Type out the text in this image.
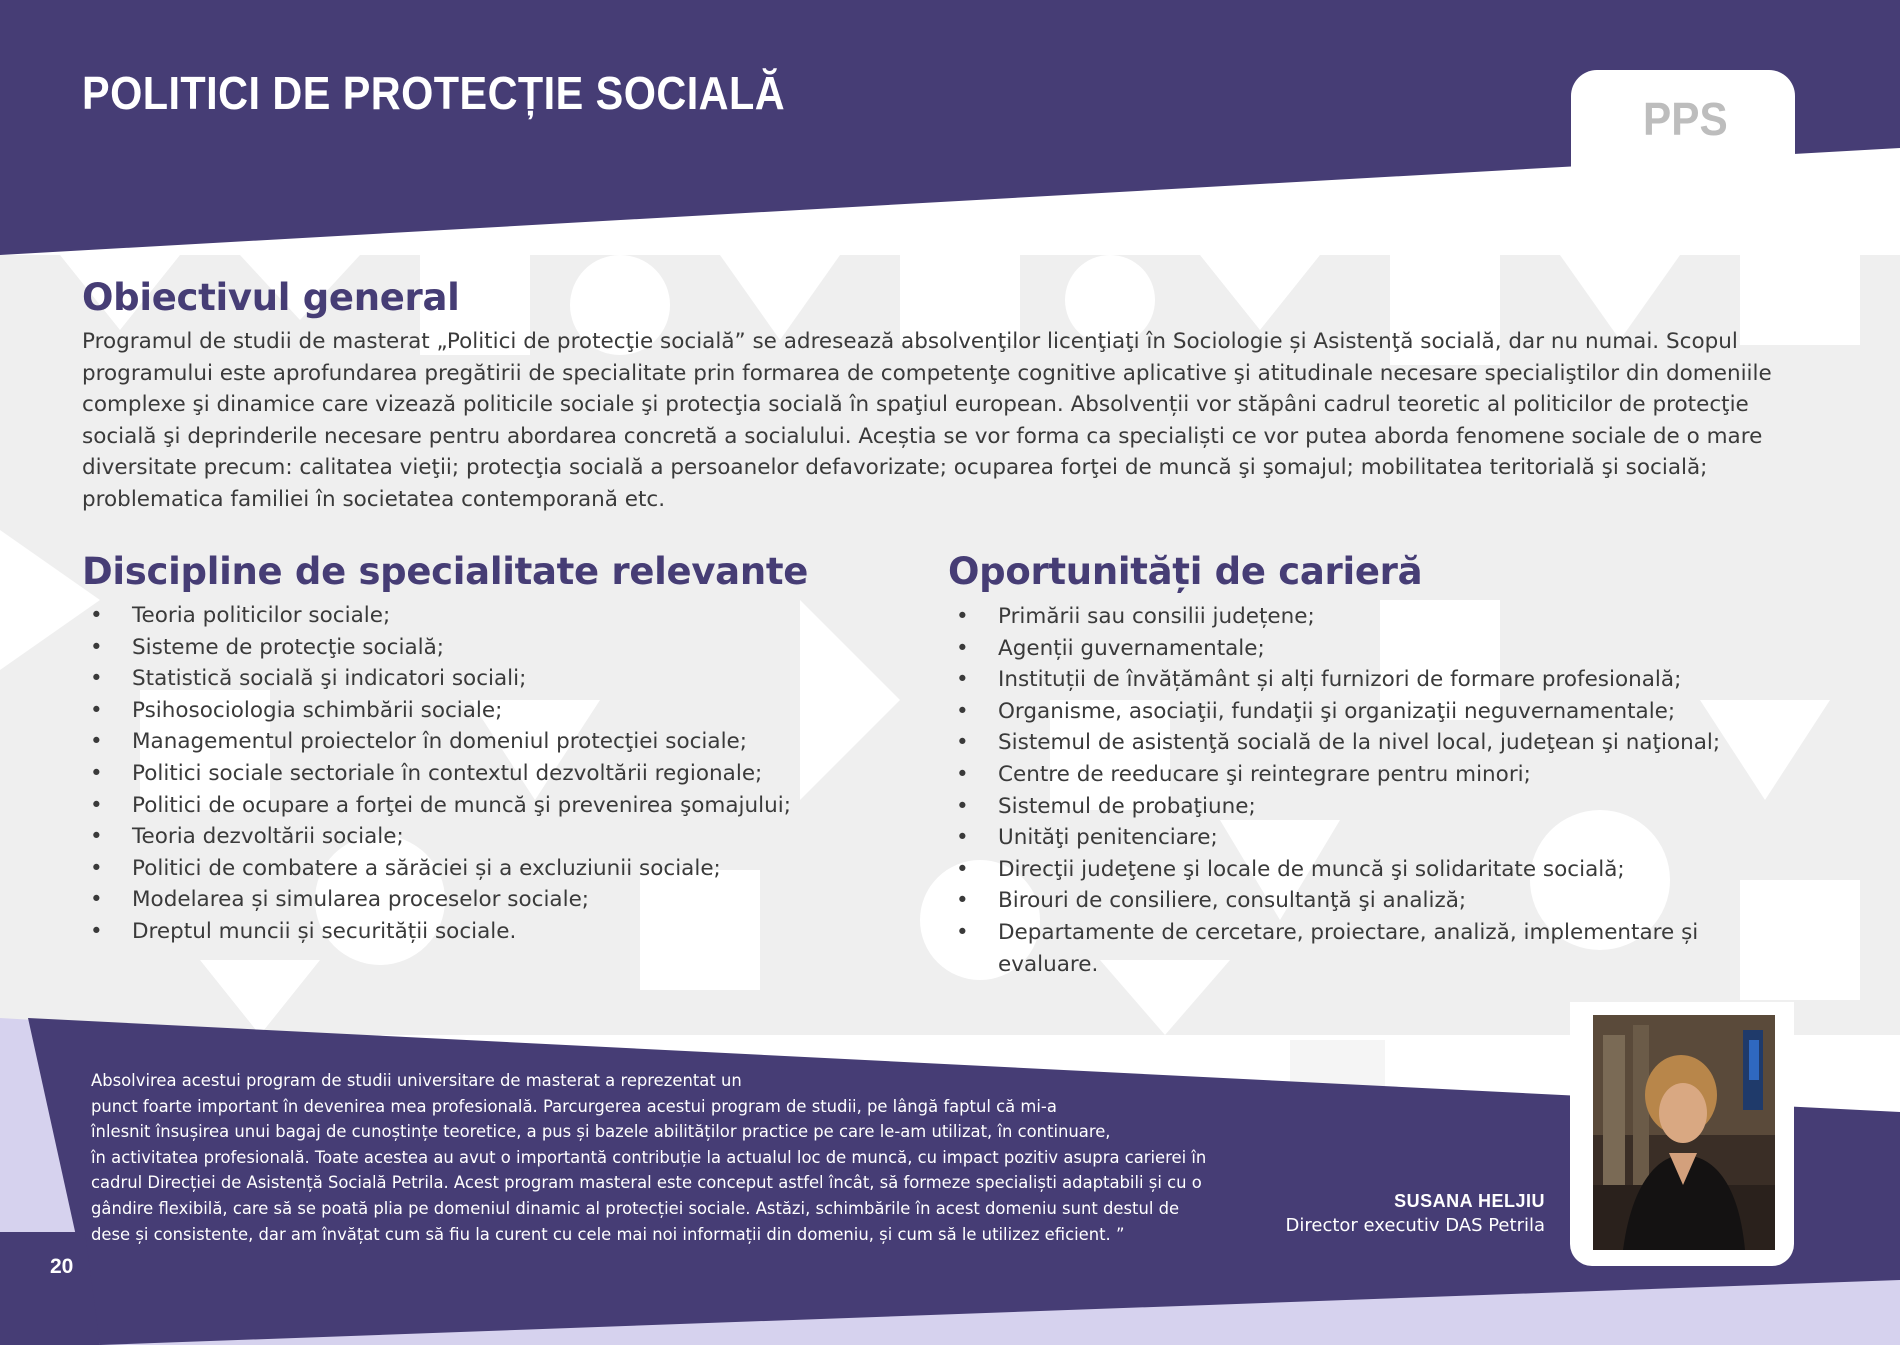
POLITICI DE PROTECȚIE SOCIALĂ	PPS
Obiectivul general

Programul de studii de masterat „Politici de protecţie socială” se adresează absolvenţilor licenţiaţi în Sociologie și Asistenţă socială, dar nu numai. Scopul programului este aprofundarea pregătirii de specialitate prin formarea de competenţe cognitive aplicative şi atitudinale necesare specialiştilor din domeniile complexe şi dinamice care vizează politicile sociale şi protecţia socială în spaţiul european. Absolvenții vor stăpâni cadrul teoretic al politicilor de protecţie socială şi deprinderile necesare pentru abordarea concretă a socialului. Aceștia se vor forma ca specialiști ce vor putea aborda fenomene sociale de o mare diversitate precum: calitatea vieţii; protecţia socială a persoanelor defavorizate; ocuparea forţei de muncă şi şomajul; mobilitatea teritorială şi socială; problematica familiei în societatea contemporană etc.

Discipline de specialitate relevante
• Teoria politicilor sociale;
• Sisteme de protecţie socială;
• Statistică socială şi indicatori sociali;
• Psihosociologia schimbării sociale;
• Managementul proiectelor în domeniul protecţiei sociale;
• Politici sociale sectoriale în contextul dezvoltării regionale;
• Politici de ocupare a forţei de muncă şi prevenirea şomajului;
• Teoria dezvoltării sociale;
• Politici de combatere a sărăciei și a excluziunii sociale;
• Modelarea și simularea proceselor sociale;
• Dreptul muncii și securității sociale.
Oportunități de carieră
• Primării sau consilii județene;
• Agenții guvernamentale;
• Instituții de învățământ și alți furnizori de formare profesională;
• Organisme, asociaţii, fundaţii şi organizaţii neguvernamentale;
• Sistemul de asistenţă socială de la nivel local, judeţean şi naţional;
• Centre de reeducare şi reintegrare pentru minori;
• Sistemul de probaţiune;
• Unităţi penitenciare;
• Direcţii judeţene şi locale de muncă şi solidaritate socială;
• Birouri de consiliere, consultanţă şi analiză;
• Departamente de cercetare, proiectare, analiză, implementare și evaluare.

Absolvirea acestui program de studii universitare de masterat a reprezentat un
punct foarte important în devenirea mea profesională. Parcurgerea acestui program de studii, pe lângă faptul că mi-a
înlesnit însușirea unui bagaj de cunoștințe teoretice, a pus și bazele abilităților practice pe care le-am utilizat, în continuare,
în activitatea profesională. Toate acestea au avut o importantă contribuție la actualul loc de muncă, cu impact pozitiv asupra carierei în
cadrul Direcției de Asistență Socială Petrila. Acest program masteral este conceput astfel încât, să formeze specialiști adaptabili și cu o
gândire flexibilă, care să se poată plia pe domeniul dinamic al protecției sociale. Astăzi, schimbările în acest domeniu sunt destul de
dese și consistente, dar am învățat cum să fiu la curent cu cele mai noi informații din domeniu, și cum să le utilizez eficient. ”

SUSANA HELJIU
Director executiv DAS Petrila
20
